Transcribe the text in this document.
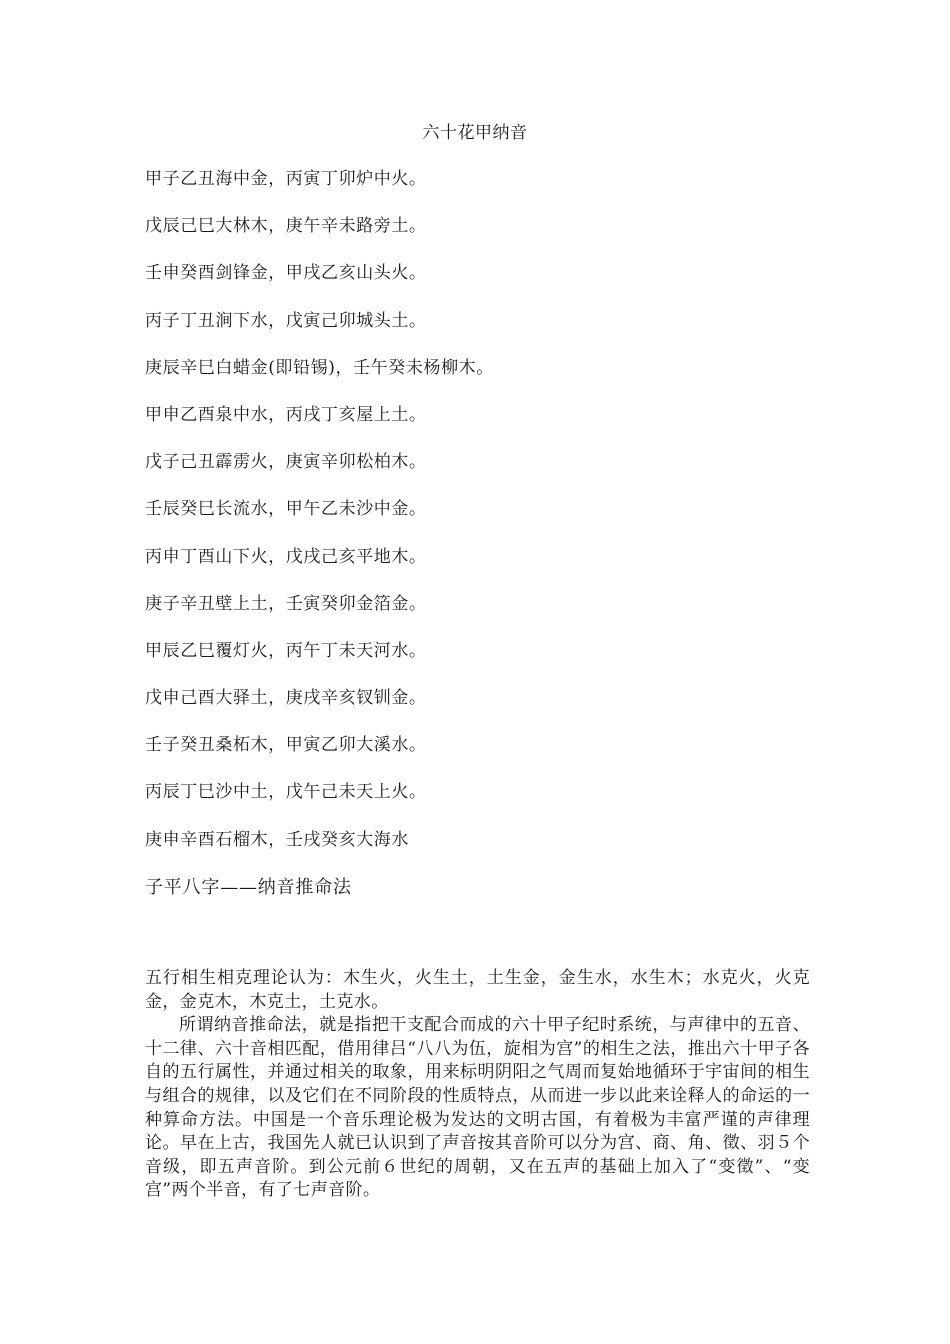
六十花甲纳音
甲子乙丑海中金，丙寅丁卯炉中火。
戊辰己巳大林木，庚午辛未路旁土。
壬申癸酉剑锋金，甲戌乙亥山头火。
丙子丁丑涧下水，戊寅己卯城头土。
庚辰辛巳白蜡金(即铅锡)，壬午癸未杨柳木。
甲申乙酉泉中水，丙戌丁亥屋上土。
戊子己丑霹雳火，庚寅辛卯松柏木。
壬辰癸巳长流水，甲午乙未沙中金。
丙申丁酉山下火，戊戌己亥平地木。
庚子辛丑壁上土，壬寅癸卯金箔金。
甲辰乙巳覆灯火，丙午丁未天河水。
戊申己酉大驿土，庚戌辛亥钗钏金。
壬子癸丑桑柘木，甲寅乙卯大溪水。
丙辰丁巳沙中土，戊午己未天上火。
庚申辛酉石榴木，壬戌癸亥大海水
子平八字——纳音推命法

五行相生相克理论认为：木生火，火生土，土生金，金生水，水生木；水克火，火克金，金克木，木克土，土克水。

所谓纳音推命法，就是指把干支配合而成的六十甲子纪时系统，与声律中的五音、十二律、六十音相匹配，借用律吕“八八为伍，旋相为宫”的相生之法，推出六十甲子各自的五行属性，并通过相关的取象，用来标明阴阳之气周而复始地循环于宇宙间的相生与组合的规律，以及它们在不同阶段的性质特点，从而进一步以此来诠释人的命运的一种算命方法。中国是一个音乐理论极为发达的文明古国，有着极为丰富严谨的声律理论。早在上古，我国先人就已认识到了声音按其音阶可以分为宫、商、角、徵、羽５个音级，即五声音阶。到公元前６世纪的周朝，又在五声的基础上加入了“变徵”、“变宫”两个半音，有了七声音阶。
